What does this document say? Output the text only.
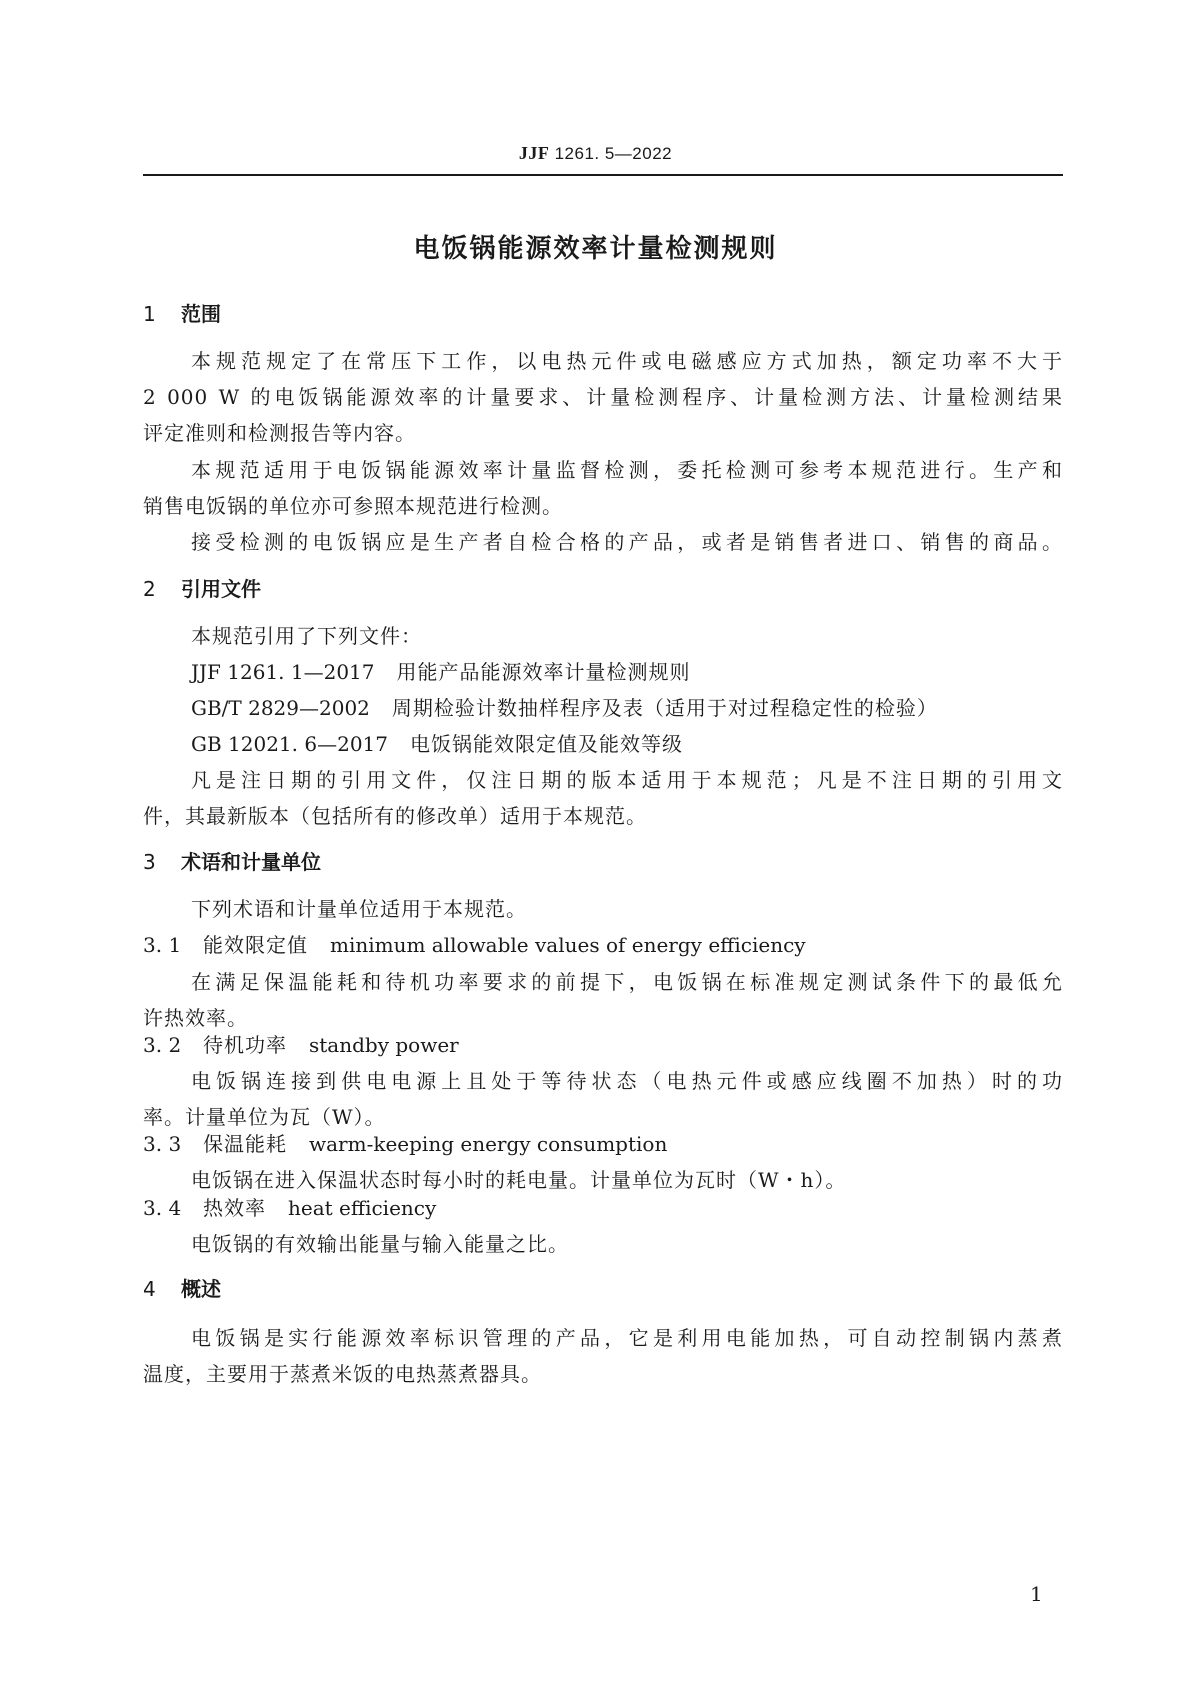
JJF 1261. 5—2022
电饭锅能源效率计量检测规则

1 范围

本规范规定了在常压下工作，以电热元件或电磁感应方式加热，额定功率不大于

2 000 W 的电饭锅能源效率的计量要求、计量检测程序、计量检测方法、计量检测结果

评定准则和检测报告等内容。

本规范适用于电饭锅能源效率计量监督检测，委托检测可参考本规范进行。生产和

销售电饭锅的单位亦可参照本规范进行检测。

接受检测的电饭锅应是生产者自检合格的产品，或者是销售者进口、销售的商品。

2 引用文件

本规范引用了下列文件：

JJF 1261. 1—2017 用能产品能源效率计量检测规则

GB/T 2829—2002 周期检验计数抽样程序及表（适用于对过程稳定性的检验）

GB 12021. 6—2017 电饭锅能效限定值及能效等级

凡是注日期的引用文件，仅注日期的版本适用于本规范；凡是不注日期的引用文

件，其最新版本（包括所有的修改单）适用于本规范。

3 术语和计量单位

下列术语和计量单位适用于本规范。

3. 1 能效限定值 minimum allowable values of energy efficiency

在满足保温能耗和待机功率要求的前提下，电饭锅在标准规定测试条件下的最低允

许热效率。

3. 2 待机功率 standby power

电饭锅连接到供电电源上且处于等待状态（电热元件或感应线圈不加热）时的功

率。计量单位为瓦（W）。

3. 3 保温能耗 warm-keeping energy consumption

电饭锅在进入保温状态时每小时的耗电量。计量单位为瓦时（W・h）。

3. 4 热效率 heat efficiency

电饭锅的有效输出能量与输入能量之比。

4 概述

电饭锅是实行能源效率标识管理的产品，它是利用电能加热，可自动控制锅内蒸煮

温度，主要用于蒸煮米饭的电热蒸煮器具。

1
